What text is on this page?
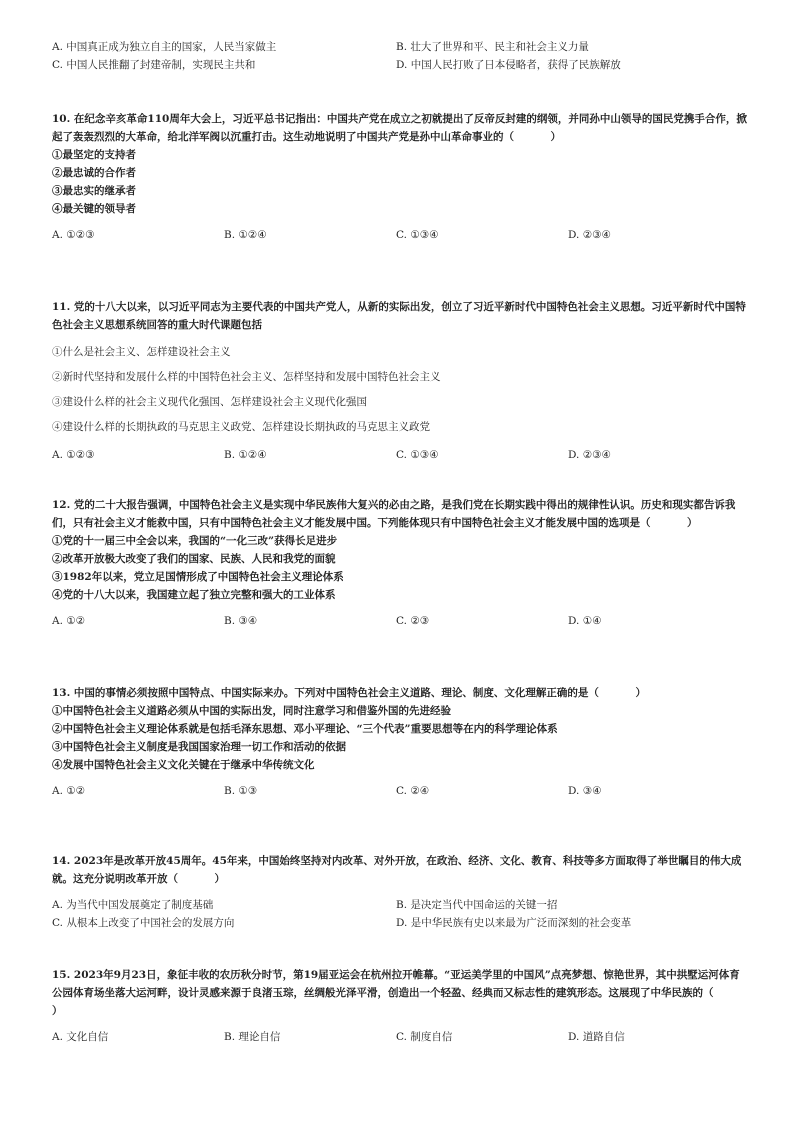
A. 中国真正成为独立自主的国家，人民当家做主	B. 壮大了世界和平、民主和社会主义力量
C. 中国人民推翻了封建帝制，实现民主共和	D. 中国人民打败了日本侵略者，获得了民族解放
10. 在纪念辛亥革命110周年大会上，习近平总书记指出：中国共产党在成立之初就提出了反帝反封建的纲领，并同孙中山领导的国民党携手合作，掀起了轰轰烈烈的大革命，给北洋军阀以沉重打击。这生动地说明了中国共产党是孙中山革命事业的（          ）
①最坚定的支持者
②最忠诚的合作者
③最忠实的继承者
④最关键的领导者
A. ①②③	B. ①②④	C. ①③④	D. ②③④
11. 党的十八大以来，以习近平同志为主要代表的中国共产党人，从新的实际出发，创立了习近平新时代中国特色社会主义思想。习近平新时代中国特色社会主义思想系统回答的重大时代课题包括
①什么是社会主义、怎样建设社会主义
②新时代坚持和发展什么样的中国特色社会主义、怎样坚持和发展中国特色社会主义
③建设什么样的社会主义现代化强国、怎样建设社会主义现代化强国
④建设什么样的长期执政的马克思主义政党、怎样建设长期执政的马克思主义政党
A. ①②③	B. ①②④	C. ①③④	D. ②③④
12. 党的二十大报告强调，中国特色社会主义是实现中华民族伟大复兴的必由之路，是我们党在长期实践中得出的规律性认识。历史和现实都告诉我们，只有社会主义才能救中国，只有中国特色社会主义才能发展中国。下列能体现只有中国特色社会主义才能发展中国的选项是（          ）
①党的十一届三中全会以来，我国的“一化三改”获得长足进步
②改革开放极大改变了我们的国家、民族、人民和我党的面貌
③1982年以来，党立足国情形成了中国特色社会主义理论体系
④党的十八大以来，我国建立起了独立完整和强大的工业体系
A. ①②	B. ③④	C. ②③	D. ①④
13. 中国的事情必须按照中国特点、中国实际来办。下列对中国特色社会主义道路、理论、制度、文化理解正确的是（          ）
①中国特色社会主义道路必须从中国的实际出发，同时注意学习和借鉴外国的先进经验
②中国特色社会主义理论体系就是包括毛泽东思想、邓小平理论、“三个代表”重要思想等在内的科学理论体系
③中国特色社会主义制度是我国国家治理一切工作和活动的依据
④发展中国特色社会主义文化关键在于继承中华传统文化
A. ①②	B. ①③	C. ②④	D. ③④
14. 2023年是改革开放45周年。45年来，中国始终坚持对内改革、对外开放，在政治、经济、文化、教育、科技等多方面取得了举世瞩目的伟大成就。这充分说明改革开放（          ）
A. 为当代中国发展奠定了制度基础	B. 是决定当代中国命运的关键一招
C. 从根本上改变了中国社会的发展方向	D. 是中华民族有史以来最为广泛而深刻的社会变革
15. 2023年9月23日，象征丰收的农历秋分时节，第19届亚运会在杭州拉开帷幕。“亚运美学里的中国风”点亮梦想、惊艳世界，其中拱墅运河体育公园体育场坐落大运河畔，设计灵感来源于良渚玉琮，丝绸般光泽平滑，创造出一个轻盈、经典而又标志性的建筑形态。这展现了中华民族的（          ）
A. 文化自信	B. 理论自信	C. 制度自信	D. 道路自信
